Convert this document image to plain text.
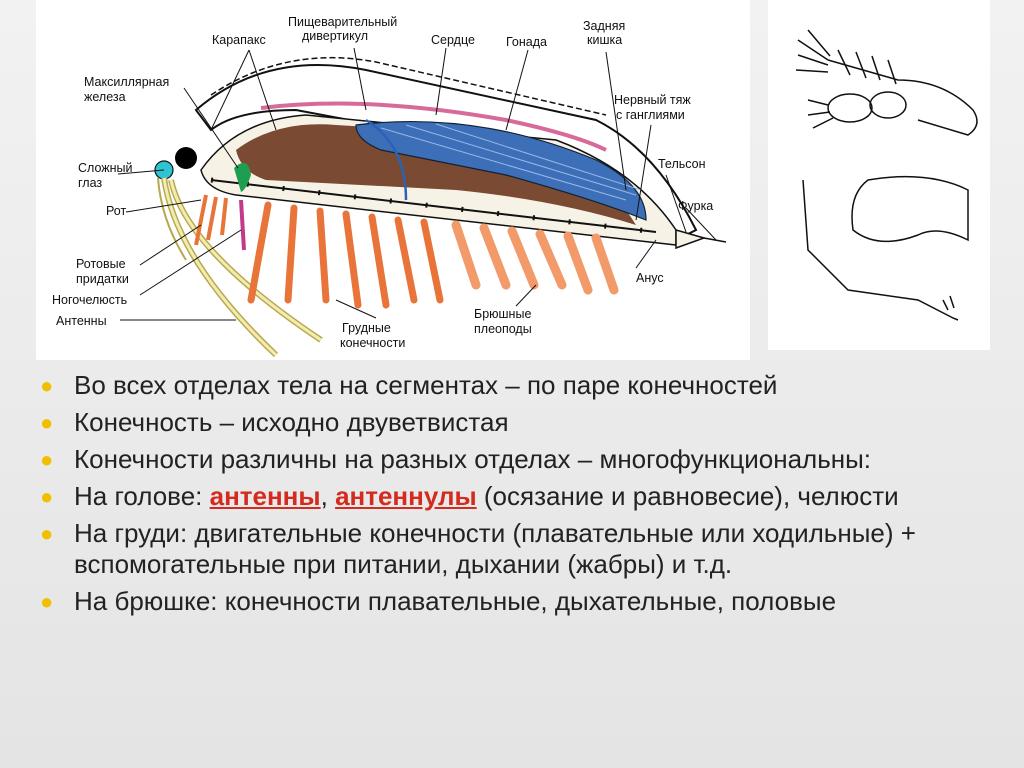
Карапакс
Пищеварительный
дивертикул	Сердце Гонада
Задняя
кишка
Максиллярная
железа	Нервный тяж
с ганглиями
Сложный
глаз
Тельсон
Фурка
Рот
Ротовые
придатки
Ногочелюсть
Антенны
Анус
Грудные
конечности
Брюшные
плеоподы
● Во всех отделах тела на сегментах – по паре конечностей
● Конечность – исходно двуветвистая
● Конечности различны на разных отделах – многофункциональны:
● На голове: антенны, антеннулы (осязание и равновесие), челюсти
● На груди: двигательные конечности (плавательные или ходильные) + вспомогательные при питании, дыхании (жабры) и т.д.
● На брюшке: конечности плавательные, дыхательные, половые
